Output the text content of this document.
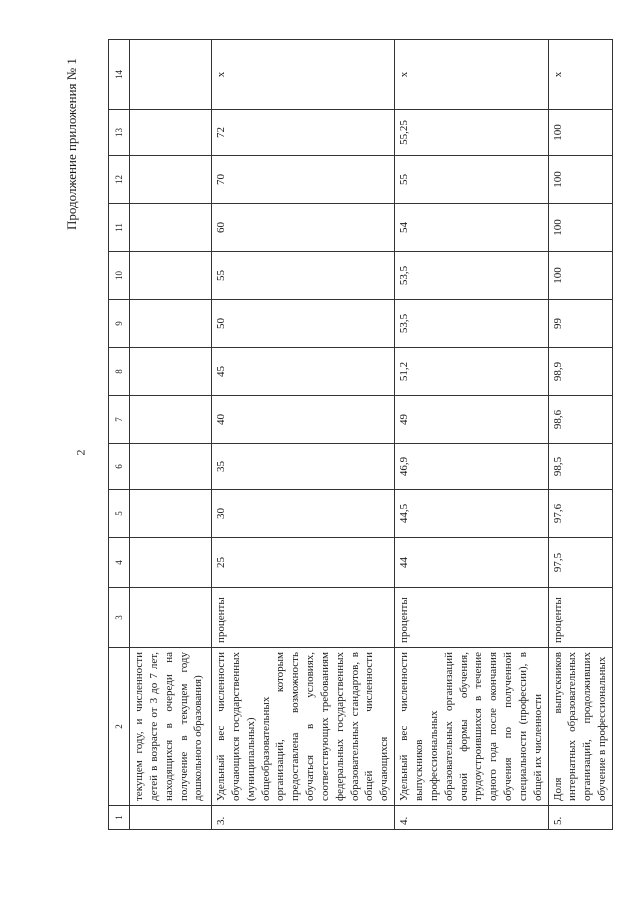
Продолжение приложения № 1
2
1	2	3	4	5	6	7	8	9	10	11	12	13	14
	текущем году, и численности детей в возрасте от 3 до 7 лет, находящихся в очереди на получение в текущем году дошкольного образования)												
3.	Удельный вес численности обучающихся государственных (муниципальных) общеобразовательных организаций, которым предоставлена возможность обучаться в условиях, соответствующих требованиям федеральных государственных образовательных стандартов, в общей численности обучающихся	проценты	25	30	35	40	45	50	55	60	70	72	х
4.	Удельный вес численности выпускников профессиональных образовательных организаций очной формы обучения, трудоустроившихся в течение одного года после окончания обучения по полученной специальности (профессии), в общей их численности	проценты	44	44,5	46,9	49	51,2	53,5	53,5	54	55	55,25	х
5.	Доля выпускников интернатных образовательных организаций, продолживших обучение в профессиональных	проценты	97,5	97,6	98,5	98,6	98,9	99	100	100	100	100	х
